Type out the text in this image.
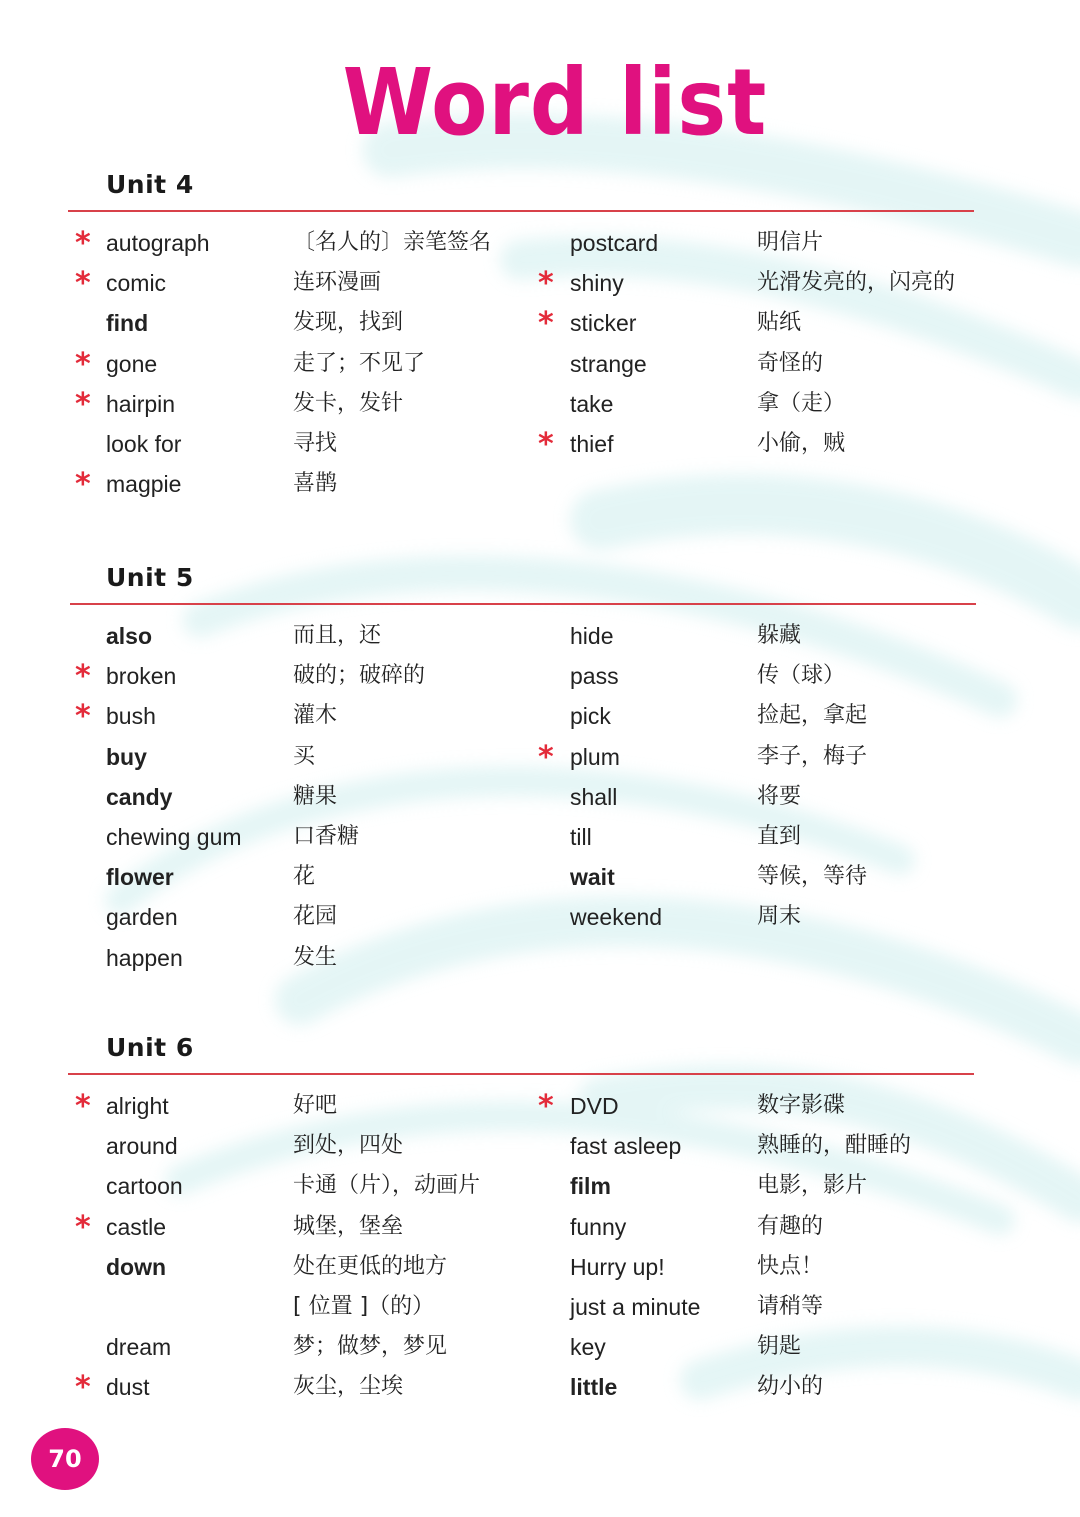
Word list
Unit 4
* autograph	〔名人的〕亲笔签名	postcard	明信片
* comic	连环漫画	* shiny	光滑发亮的，闪亮的
find	发现，找到	* sticker	贴纸
* gone	走了；不见了	strange	奇怪的
* hairpin	发卡，发针	take	拿（走）
look for	寻找	* thief	小偷，贼
* magpie	喜鹊
Unit 5
also	而且，还	hide	躲藏
* broken	破的；破碎的	pass	传（球）
* bush	灌木	pick	捡起，拿起
buy	买	* plum	李子，梅子
candy	糖果	shall	将要
chewing gum 口香糖	till	直到
flower	花	wait	等候，等待
garden	花园	weekend	周末
happen	发生
Unit 6
* alright	好吧	* DVD	数字影碟
around	到处，四处	fast asleep	熟睡的，酣睡的
cartoon	卡通（片），动画片	film	电影，影片
* castle	城堡，堡垒	funny	有趣的
down	处在更低的地方	Hurry up!	快点！
[ 位置 ]（的）	just a minute	请稍等
dream	梦；做梦，梦见	key	钥匙
* dust	灰尘，尘埃	little	幼小的
70
